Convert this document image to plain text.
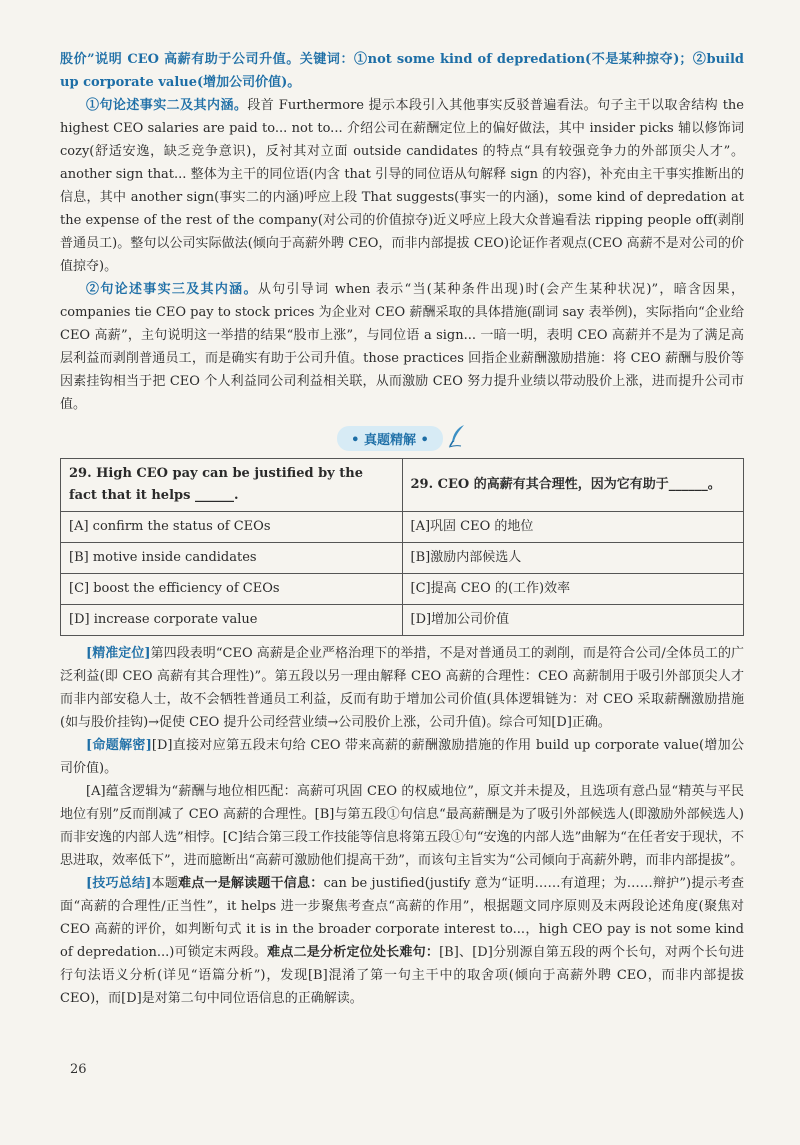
股价”说明 CEO 高薪有助于公司升值。关键词：①not some kind of depredation(不是某种掠夺)；②build up corporate value(增加公司价值)。

①句论述事实二及其内涵。段首 Furthermore 提示本段引入其他事实反驳普遍看法。句子主干以取舍结构 the highest CEO salaries are paid to... not to... 介绍公司在薪酬定位上的偏好做法，其中 insider picks 辅以修饰词 cozy(舒适安逸，缺乏竞争意识)，反衬其对立面 outside candidates 的特点“具有较强竞争力的外部顶尖人才”。another sign that... 整体为主干的同位语(内含 that 引导的同位语从句解释 sign 的内容)，补充由主干事实推断出的信息，其中 another sign(事实二的内涵)呼应上段 That suggests(事实一的内涵)，some kind of depredation at the expense of the rest of the company(对公司的价值掠夺)近义呼应上段大众普遍看法 ripping people off(剥削普通员工)。整句以公司实际做法(倾向于高薪外聘 CEO，而非内部提拔 CEO)论证作者观点(CEO 高薪不是对公司的价值掠夺)。

②句论述事实三及其内涵。从句引导词 when 表示“当(某种条件出现)时(会产生某种状况)”，暗含因果，companies tie CEO pay to stock prices 为企业对 CEO 薪酬采取的具体措施(副词 say 表举例)，实际指向“企业给 CEO 高薪”，主句说明这一举措的结果“股市上涨”，与同位语 a sign... 一暗一明，表明 CEO 高薪并不是为了满足高层利益而剥削普通员工，而是确实有助于公司升值。those practices 回指企业薪酬激励措施：将 CEO 薪酬与股价等因素挂钩相当于把 CEO 个人利益同公司利益相关联，从而激励 CEO 努力提升业绩以带动股价上涨，进而提升公司市值。

• 真题精解 •
29. High CEO pay can be justified by the fact that it helps ______.	29. CEO 的高薪有其合理性，因为它有助于______。
[A] confirm the status of CEOs	[A]巩固 CEO 的地位
[B] motive inside candidates	[B]激励内部候选人
[C] boost the efficiency of CEOs	[C]提高 CEO 的(工作)效率
[D] increase corporate value	[D]增加公司价值

[精准定位]第四段表明“CEO 高薪是企业严格治理下的举措，不是对普通员工的剥削，而是符合公司/全体员工的广泛利益(即 CEO 高薪有其合理性)”。第五段以另一理由解释 CEO 高薪的合理性：CEO 高薪制用于吸引外部顶尖人才而非内部安稳人士，故不会牺牲普通员工利益，反而有助于增加公司价值(具体逻辑链为：对 CEO 采取薪酬激励措施(如与股价挂钩)→促使 CEO 提升公司经营业绩→公司股价上涨，公司升值)。综合可知[D]正确。

[命题解密][D]直接对应第五段末句给 CEO 带来高薪的薪酬激励措施的作用 build up corporate value(增加公司价值)。

[A]蕴含逻辑为“薪酬与地位相匹配：高薪可巩固 CEO 的权威地位”，原文并未提及，且选项有意凸显“精英与平民地位有别”反而削减了 CEO 高薪的合理性。[B]与第五段①句信息“最高薪酬是为了吸引外部候选人(即激励外部候选人)而非安逸的内部人选”相悖。[C]结合第三段工作技能等信息将第五段①句“安逸的内部人选”曲解为“在任者安于现状，不思进取，效率低下”，进而臆断出“高薪可激励他们提高干劲”，而该句主旨实为“公司倾向于高薪外聘，而非内部提拔”。

[技巧总结]本题难点一是解读题干信息：can be justified(justify 意为“证明……有道理；为……辩护”)提示考查面“高薪的合理性/正当性”，it helps 进一步聚焦考查点“高薪的作用”，根据题文同序原则及末两段论述角度(聚焦对 CEO 高薪的评价，如判断句式 it is in the broader corporate interest to...，high CEO pay is not some kind of depredation...)可锁定末两段。难点二是分析定位处长难句：[B]、[D]分别源自第五段的两个长句，对两个长句进行句法语义分析(详见“语篇分析”)，发现[B]混淆了第一句主干中的取舍项(倾向于高薪外聘 CEO，而非内部提拔 CEO)，而[D]是对第二句中同位语信息的正确解读。

26
